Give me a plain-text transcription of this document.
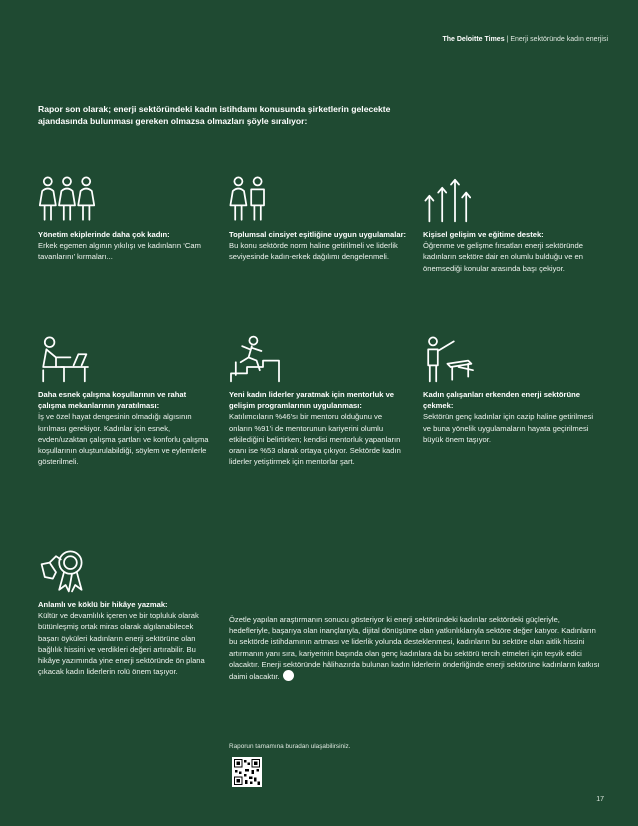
The Deloitte Times | Enerji sektöründe kadın enerjisi
Rapor son olarak; enerji sektöründeki kadın istihdamı konusunda şirketlerin gelecekte ajandasında bulunması gereken olmazsa olmazları şöyle sıralıyor:
Yönetim ekiplerinde daha çok kadın:
Erkek egemen algının yıkılışı ve kadınların ‘Cam tavanlarını’ kırmaları...
Toplumsal cinsiyet eşitliğine uygun uygulamalar:
Bu konu sektörde norm haline getirilmeli ve liderlik seviyesinde kadın-erkek dağılımı dengelenmeli.
Kişisel gelişim ve eğitime destek:
Öğrenme ve gelişme fırsatları enerji sektöründe kadınların sektöre dair en olumlu bulduğu ve en önemsediği konular arasında başı çekiyor.
Daha esnek çalışma koşullarının ve rahat çalışma mekanlarının yaratılması:
İş ve özel hayat dengesinin olmadığı algısının kırılması gerekiyor. Kadınlar için esnek, evden/uzaktan çalışma şartları ve konforlu çalışma koşullarının oluşturulabildiği, söylem ve eylemlerle gösterilmeli.
Yeni kadın liderler yaratmak için mentorluk ve gelişim programlarının uygulanması:
Katılımcıların %46’sı bir mentoru olduğunu ve onların %91’i de mentorunun kariyerini olumlu etkilediğini belirtirken; kendisi mentorluk yapanların oranı ise %53 olarak ortaya çıkıyor. Sektörde kadın liderler yetiştirmek için mentorlar şart.
Kadın çalışanları erkenden enerji sektörüne çekmek:
Sektörün genç kadınlar için cazip haline getirilmesi ve buna yönelik uygulamaların hayata geçirilmesi büyük önem taşıyor.
Anlamlı ve köklü bir hikâye yazmak:
Kültür ve devamlılık içeren ve bir topluluk olarak bütünleşmiş ortak miras olarak algılanabilecek başarı öyküleri kadınların enerji sektörüne olan bağlılık hissini ve verdikleri değeri artırabilir. Bu hikâye yazımında yine enerji sektöründe ön plana çıkacak kadın liderlerin rolü önem taşıyor.
Özetle yapılan araştırmanın sonucu gösteriyor ki enerji sektöründeki kadınlar sektördeki güçleriyle, hedefleriyle, başarıya olan inançlarıyla, dijital dönüşüme olan yatkınlıklarıyla sektöre değer katıyor. Kadınların bu sektörde istihdamının artması ve liderlik yolunda desteklenmesi, kadınların bu sektöre olan aitlik hissini artırmanın yanı sıra, kariyerinin başında olan genç kadınlara da bu sektörü tercih etmeleri için teşvik edici olacaktır. Enerji sektöründe hâlihazırda bulunan kadın liderlerin önderliğinde enerji sektörüne kadınların katkısı daimi olacaktır.
Raporun tamamına buradan ulaşabilirsiniz.
17
